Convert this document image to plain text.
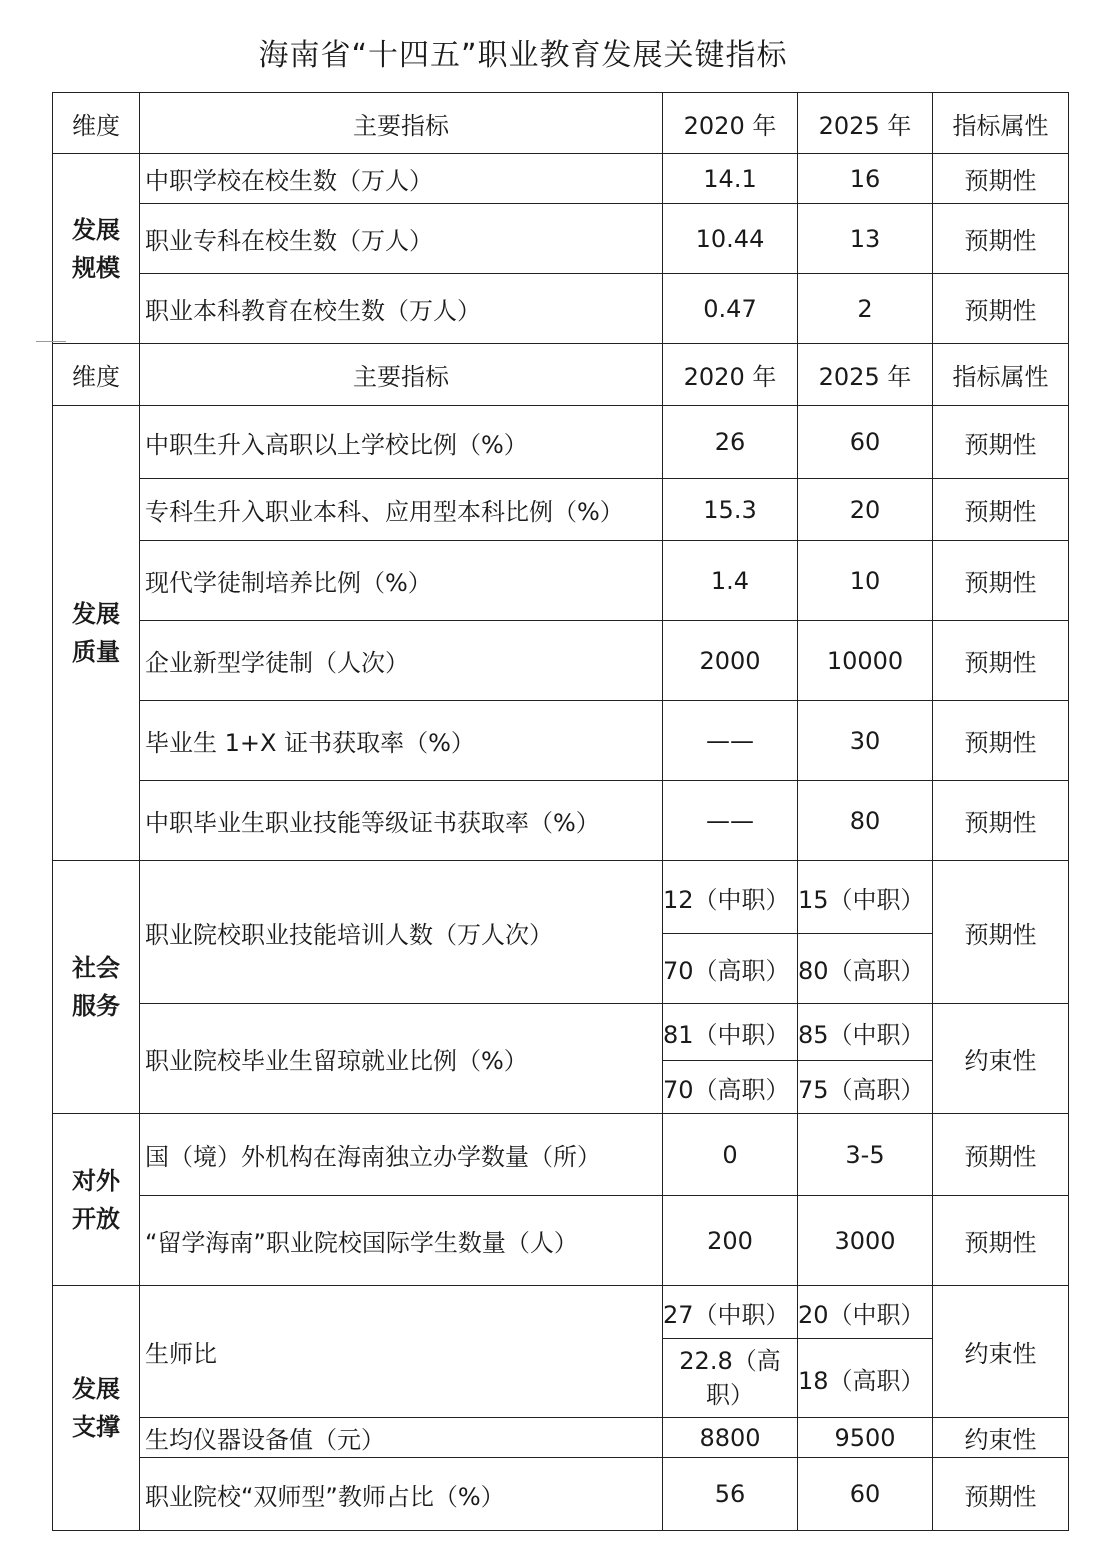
海南省“十四五”职业教育发展关键指标
维度	主要指标	2020 年	2025 年	指标属性

发展规模	中职学校在校生数（万人）	14.1	16	预期性
	职业专科在校生数（万人）	10.44	13	预期性
	职业本科教育在校生数（万人）	0.47	2	预期性
维度	主要指标	2020 年	2025 年	指标属性

发展质量	中职生升入高职以上学校比例（%）	26	60	预期性
	专科生升入职业本科、应用型本科比例（%）	15.3	20	预期性
	现代学徒制培养比例（%）	1.4	10	预期性
	企业新型学徒制（人次）	2000	10000	预期性
	毕业生 1+X 证书获取率（%）	——	30	预期性
	中职毕业生职业技能等级证书获取率（%）	——	80	预期性

社会服务	职业院校职业技能培训人数（万人次）	12（中职）	15（中职）	预期性
		70（高职）	80（高职）	
	职业院校毕业生留琼就业比例（%）	81（中职）	85（中职）	约束性
		70（高职）	75（高职）	

对外开放	国（境）外机构在海南独立办学数量（所）	0	3-5	预期性
	“留学海南”职业院校国际学生数量（人）	200	3000	预期性

发展支撑	生师比	27（中职）	20（中职）	约束性

		22.8（高职）	18（高职）	
	生均仪器设备值（元）	8800	9500	约束性
	职业院校“双师型”教师占比（%）	56	60	预期性
